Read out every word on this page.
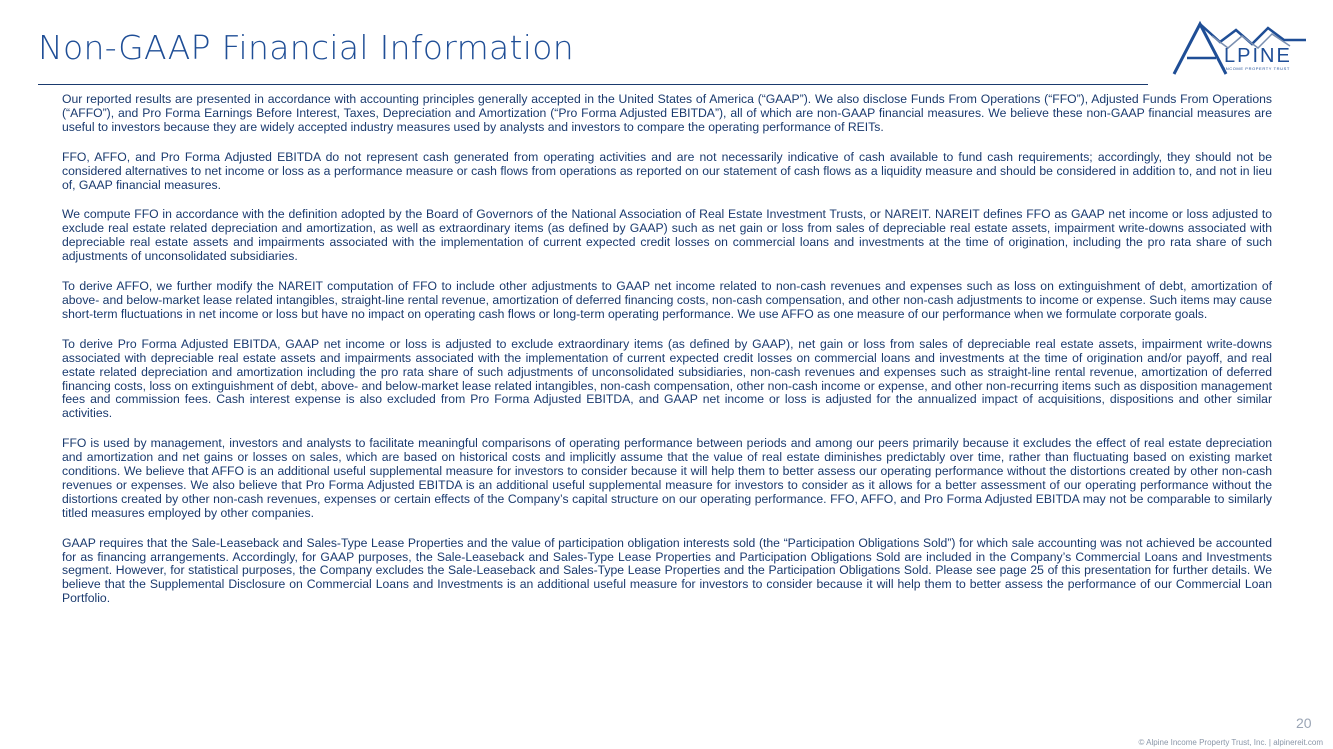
Non-GAAP Financial Information	LPINE
INCOME PROPERTY TRUST

Our reported results are presented in accordance with accounting principles generally accepted in the United States of America (“GAAP”). We also disclose Funds From Operations (“FFO”), Adjusted Funds From Operations (“AFFO”), and Pro Forma Earnings Before Interest, Taxes, Depreciation and Amortization (“Pro Forma Adjusted EBITDA”), all of which are non-GAAP financial measures. We believe these non-GAAP financial measures are useful to investors because they are widely accepted industry measures used by analysts and investors to compare the operating performance of REITs.

FFO, AFFO, and Pro Forma Adjusted EBITDA do not represent cash generated from operating activities and are not necessarily indicative of cash available to fund cash requirements; accordingly, they should not be considered alternatives to net income or loss as a performance measure or cash flows from operations as reported on our statement of cash flows as a liquidity measure and should be considered in addition to, and not in lieu of, GAAP financial measures.

We compute FFO in accordance with the definition adopted by the Board of Governors of the National Association of Real Estate Investment Trusts, or NAREIT. NAREIT defines FFO as GAAP net income or loss adjusted to exclude real estate related depreciation and amortization, as well as extraordinary items (as defined by GAAP) such as net gain or loss from sales of depreciable real estate assets, impairment write-downs associated with depreciable real estate assets and impairments associated with the implementation of current expected credit losses on commercial loans and investments at the time of origination, including the pro rata share of such adjustments of unconsolidated subsidiaries.

To derive AFFO, we further modify the NAREIT computation of FFO to include other adjustments to GAAP net income related to non-cash revenues and expenses such as loss on extinguishment of debt, amortization of above- and below-market lease related intangibles, straight-line rental revenue, amortization of deferred financing costs, non-cash compensation, and other non-cash adjustments to income or expense. Such items may cause short-term fluctuations in net income or loss but have no impact on operating cash flows or long-term operating performance. We use AFFO as one measure of our performance when we formulate corporate goals.

To derive Pro Forma Adjusted EBITDA, GAAP net income or loss is adjusted to exclude extraordinary items (as defined by GAAP), net gain or loss from sales of depreciable real estate assets, impairment write-downs associated with depreciable real estate assets and impairments associated with the implementation of current expected credit losses on commercial loans and investments at the time of origination and/or payoff, and real estate related depreciation and amortization including the pro rata share of such adjustments of unconsolidated subsidiaries, non-cash revenues and expenses such as straight-line rental revenue, amortization of deferred financing costs, loss on extinguishment of debt, above- and below-market lease related intangibles, non-cash compensation, other non-cash income or expense, and other non-recurring items such as disposition management fees and commission fees. Cash interest expense is also excluded from Pro Forma Adjusted EBITDA, and GAAP net income or loss is adjusted for the annualized impact of acquisitions, dispositions and other similar activities.

FFO is used by management, investors and analysts to facilitate meaningful comparisons of operating performance between periods and among our peers primarily because it excludes the effect of real estate depreciation and amortization and net gains or losses on sales, which are based on historical costs and implicitly assume that the value of real estate diminishes predictably over time, rather than fluctuating based on existing market conditions. We believe that AFFO is an additional useful supplemental measure for investors to consider because it will help them to better assess our operating performance without the distortions created by other non-cash revenues or expenses. We also believe that Pro Forma Adjusted EBITDA is an additional useful supplemental measure for investors to consider as it allows for a better assessment of our operating performance without the distortions created by other non-cash revenues, expenses or certain effects of the Company’s capital structure on our operating performance. FFO, AFFO, and Pro Forma Adjusted EBITDA may not be comparable to similarly titled measures employed by other companies.

GAAP requires that the Sale-Leaseback and Sales-Type Lease Properties and the value of participation obligation interests sold (the “Participation Obligations Sold”) for which sale accounting was not achieved be accounted for as financing arrangements. Accordingly, for GAAP purposes, the Sale-Leaseback and Sales-Type Lease Properties and Participation Obligations Sold are included in the Company’s Commercial Loans and Investments segment. However, for statistical purposes, the Company excludes the Sale-Leaseback and Sales-Type Lease Properties and the Participation Obligations Sold. Please see page 25 of this presentation for further details. We believe that the Supplemental Disclosure on Commercial Loans and Investments is an additional useful measure for investors to consider because it will help them to better assess the performance of our Commercial Loan Portfolio.

20
© Alpine Income Property Trust, Inc. | alpinereit.com
